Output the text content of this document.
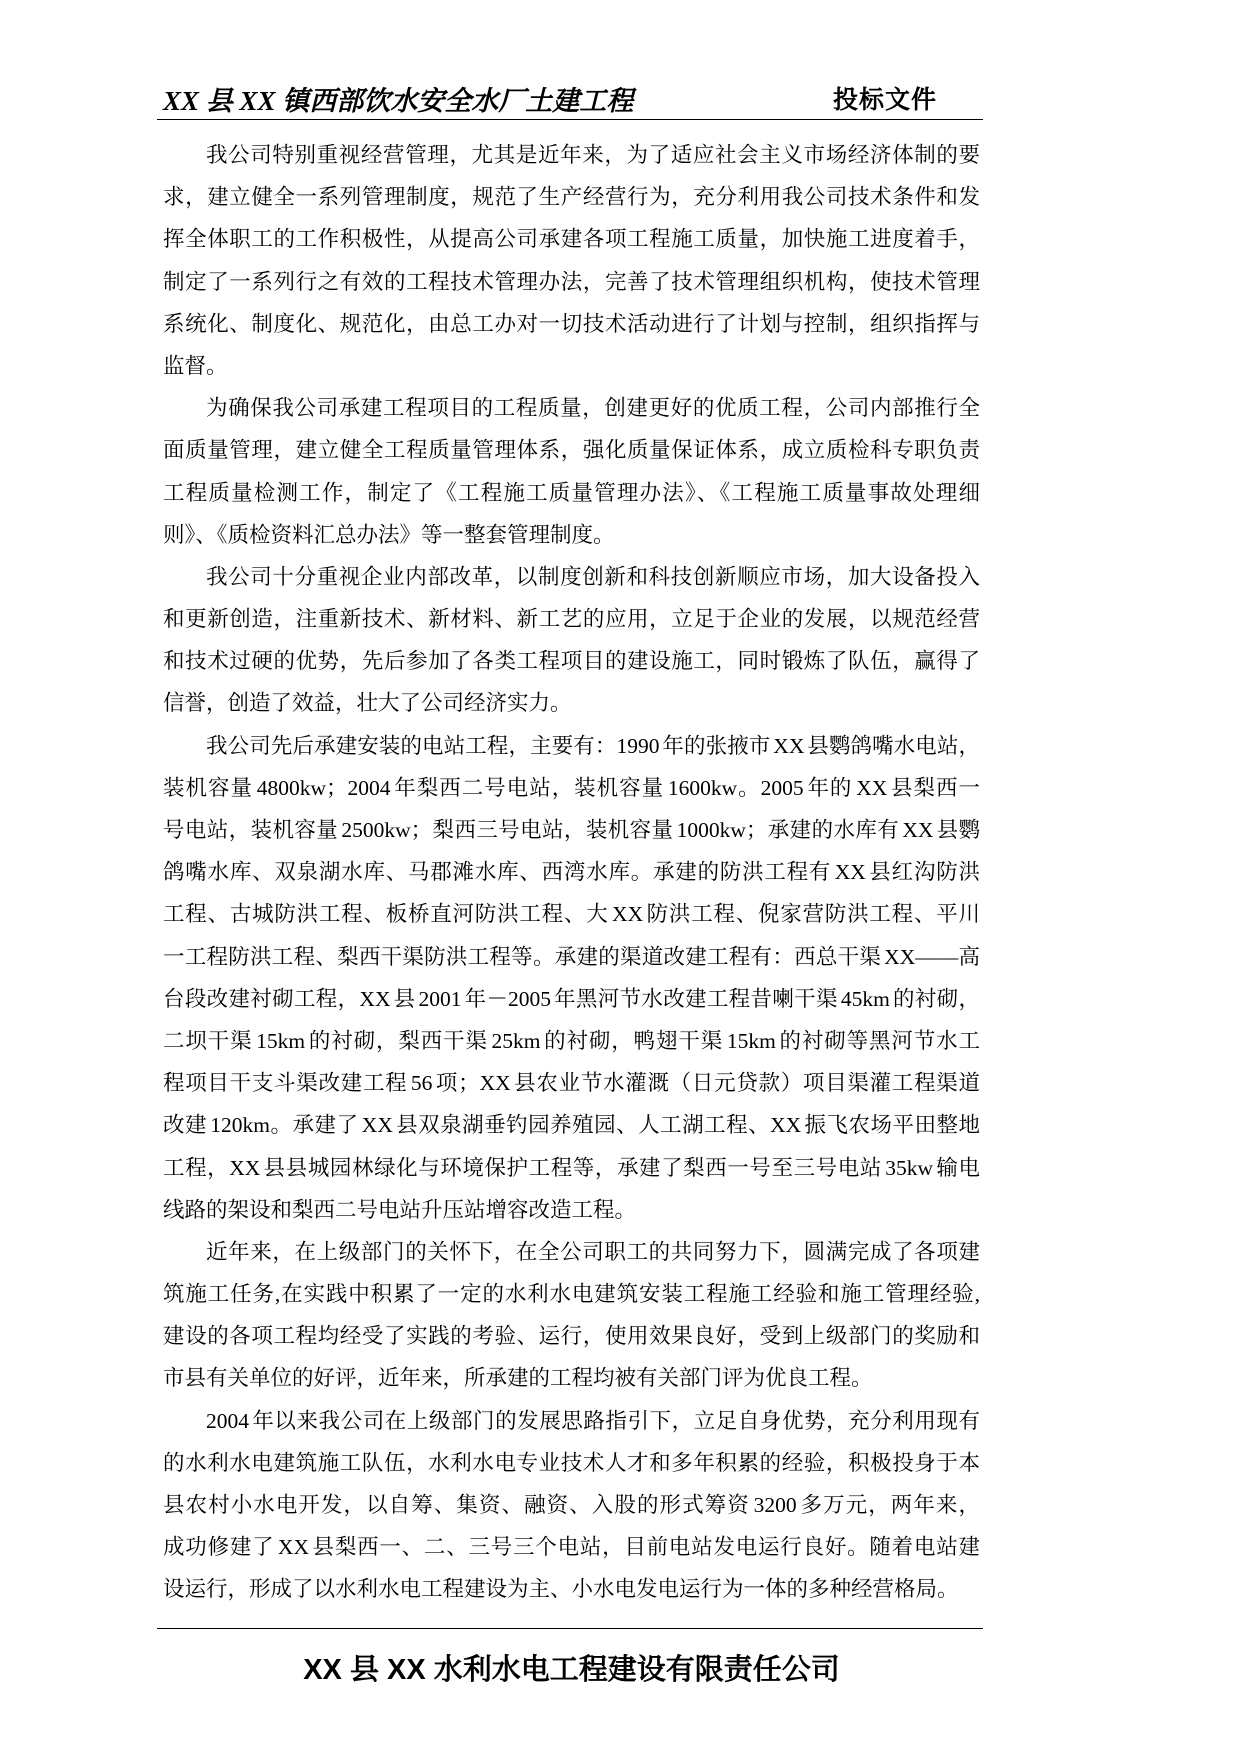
XX 县 XX 镇西部饮水安全水厂土建工程	投标文件
我公司特别重视经营管理，尤其是近年来，为了适应社会主义市场经济体制的要
求，建立健全一系列管理制度，规范了生产经营行为，充分利用我公司技术条件和发
挥全体职工的工作积极性，从提高公司承建各项工程施工质量，加快施工进度着手，
制定了一系列行之有效的工程技术管理办法，完善了技术管理组织机构，使技术管理
系统化、制度化、规范化，由总工办对一切技术活动进行了计划与控制，组织指挥与
监督。
为确保我公司承建工程项目的工程质量，创建更好的优质工程，公司内部推行全
面质量管理，建立健全工程质量管理体系，强化质量保证体系，成立质检科专职负责
工程质量检测工作，制定了《工程施工质量管理办法》、《工程施工质量事故处理细
则》、《质检资料汇总办法》等一整套管理制度。
我公司十分重视企业内部改革，以制度创新和科技创新顺应市场，加大设备投入
和更新创造，注重新技术、新材料、新工艺的应用，立足于企业的发展，以规范经营
和技术过硬的优势，先后参加了各类工程项目的建设施工，同时锻炼了队伍，赢得了
信誉，创造了效益，壮大了公司经济实力。
我公司先后承建安装的电站工程，主要有：1990 年的张掖市 XX 县鹦鸽嘴水电站，
装机容量 4800kw；2004 年梨西二号电站，装机容量 1600kw。2005 年的 XX 县梨西一
号电站，装机容量 2500kw；梨西三号电站，装机容量 1000kw；承建的水库有 XX 县鹦
鸽嘴水库、双泉湖水库、马郡滩水库、西湾水库。承建的防洪工程有 XX 县红沟防洪
工程、古城防洪工程、板桥直河防洪工程、大 XX 防洪工程、倪家营防洪工程、平川
一工程防洪工程、梨西干渠防洪工程等。承建的渠道改建工程有：西总干渠 XX——高
台段改建衬砌工程，XX 县 2001 年－2005 年黑河节水改建工程昔喇干渠 45km 的衬砌，
二坝干渠 15km 的衬砌，梨西干渠 25km 的衬砌，鸭翅干渠 15km 的衬砌等黑河节水工
程项目干支斗渠改建工程 56 项；XX 县农业节水灌溉（日元贷款）项目渠灌工程渠道
改建 120km。承建了 XX 县双泉湖垂钓园养殖园、人工湖工程、XX 振飞农场平田整地
工程，XX 县县城园林绿化与环境保护工程等，承建了梨西一号至三号电站 35kw 输电
线路的架设和梨西二号电站升压站增容改造工程。
近年来，在上级部门的关怀下，在全公司职工的共同努力下，圆满完成了各项建
筑施工任务,在实践中积累了一定的水利水电建筑安装工程施工经验和施工管理经验,
建设的各项工程均经受了实践的考验、运行，使用效果良好，受到上级部门的奖励和
市县有关单位的好评，近年来，所承建的工程均被有关部门评为优良工程。
2004 年以来我公司在上级部门的发展思路指引下，立足自身优势，充分利用现有
的水利水电建筑施工队伍，水利水电专业技术人才和多年积累的经验，积极投身于本
县农村小水电开发，以自筹、集资、融资、入股的形式筹资 3200 多万元，两年来，
成功修建了 XX 县梨西一、二、三号三个电站，目前电站发电运行良好。随着电站建
设运行，形成了以水利水电工程建设为主、小水电发电运行为一体的多种经营格局。
XX 县 XX 水利水电工程建设有限责任公司
